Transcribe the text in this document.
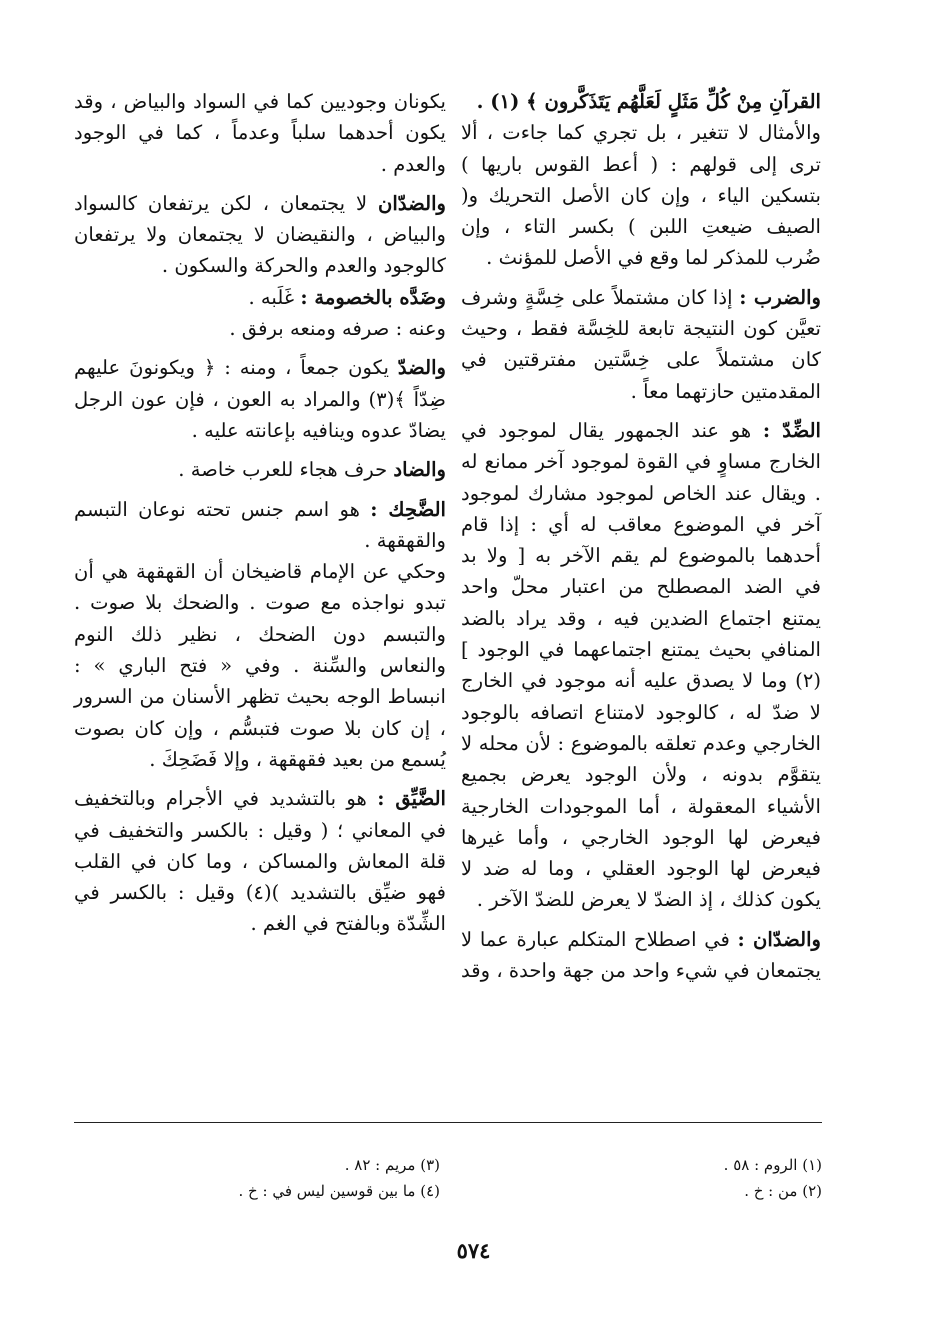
القرآنِ مِنْ كُلِّ مَثَلٍ لَعَلَّهُم يَتَذَكَّرون ﴾ (١) .

والأمثال لا تتغير ، بل تجري كما جاءت ، ألا ترى إلى قولهم : ( أعط القوس باريها ) بتسكين الياء ، وإن كان الأصل التحريك و( الصيف ضيعتِ اللبن ) بكسر التاء ، وإن ضُرب للمذكر لما وقع في الأصل للمؤنث .

والضرب : إذا كان مشتملاً على خِسَّةٍ وشرف تعيَّن كون النتيجة تابعة للخِسَّة فقط ، وحيث كان مشتملاً على خِسَّتين مفترقتين في المقدمتين حازتهما معاً .

الضِّدّ : هو عند الجمهور يقال لموجود في الخارج مساوٍ في القوة لموجود آخر ممانع له . ويقال عند الخاص لموجود مشارك لموجود آخر في الموضوع معاقب له أي : إذا قام أحدهما بالموضوع لم يقم الآخر به [ ولا بد في الضد المصطلح من اعتبار محلّ واحد يمتنع اجتماع الضدين فيه ، وقد يراد بالضد المنافي بحيث يمتنع اجتماعهما في الوجود ](٢) وما لا يصدق عليه أنه موجود في الخارج لا ضدّ له ، كالوجود لامتناع اتصافه بالوجود الخارجي وعدم تعلقه بالموضوع : لأن محله لا يتقوَّم بدونه ، ولأن الوجود يعرض بجميع الأشياء المعقولة ، أما الموجودات الخارجية فيعرض لها الوجود الخارجي ، وأما غيرها فيعرض لها الوجود العقلي ، وما له ضد لا يكون كذلك ، إذ الضدّ لا يعرض للضدّ الآخر .

والضدّان : في اصطلاح المتكلم عبارة عما لا يجتمعان في شيء واحد من جهة واحدة ، وقد

يكونان وجوديين كما في السواد والبياض ، وقد يكون أحدهما سلباً وعدماً ، كما في الوجود والعدم .

والضدّان لا يجتمعان ، لكن يرتفعان كالسواد والبياض ، والنقيضان لا يجتمعان ولا يرتفعان كالوجود والعدم والحركة والسكون .

وضَدَّه بالخصومة : غَلَبه .

وعنه : صرفه ومنعه برفق .

والضدّ يكون جمعاً ، ومنه : ﴿ ويكونونَ عليهم ضِدّاً ﴾(٣) والمراد به العون ، فإن عون الرجل يضادّ عدوه وينافيه بإعانته عليه .

والضاد حرف هجاء للعرب خاصة .

الضَّحِك : هو اسم جنس تحته نوعان التبسم والقهقهة .

وحكي عن الإمام قاضيخان أن القهقهة هي أن تبدو نواجذه مع صوت . والضحك بلا صوت . والتبسم دون الضحك ، نظير ذلك النوم والنعاس والسِّنة . وفي « فتح الباري » : انبساط الوجه بحيث تظهر الأسنان من السرور ، إن كان بلا صوت فتبسُّم ، وإن كان بصوت يُسمع من بعيد فقهقهة ، وإلا فَضَحِكَ .

الضَّيِّق : هو بالتشديد في الأجرام وبالتخفيف في المعاني ؛ ( وقيل : بالكسر والتخفيف في قلة المعاش والمساكن ، وما كان في القلب فهو ضيِّق بالتشديد )(٤) وقيل : بالكسر في الشِّدّة وبالفتح في الغم .

(١) الروم : ٥٨ .
(٢) من : خ .
(٣) مريم : ٨٢ .
(٤) ما بين قوسين ليس في : خ .
٥٧٤
